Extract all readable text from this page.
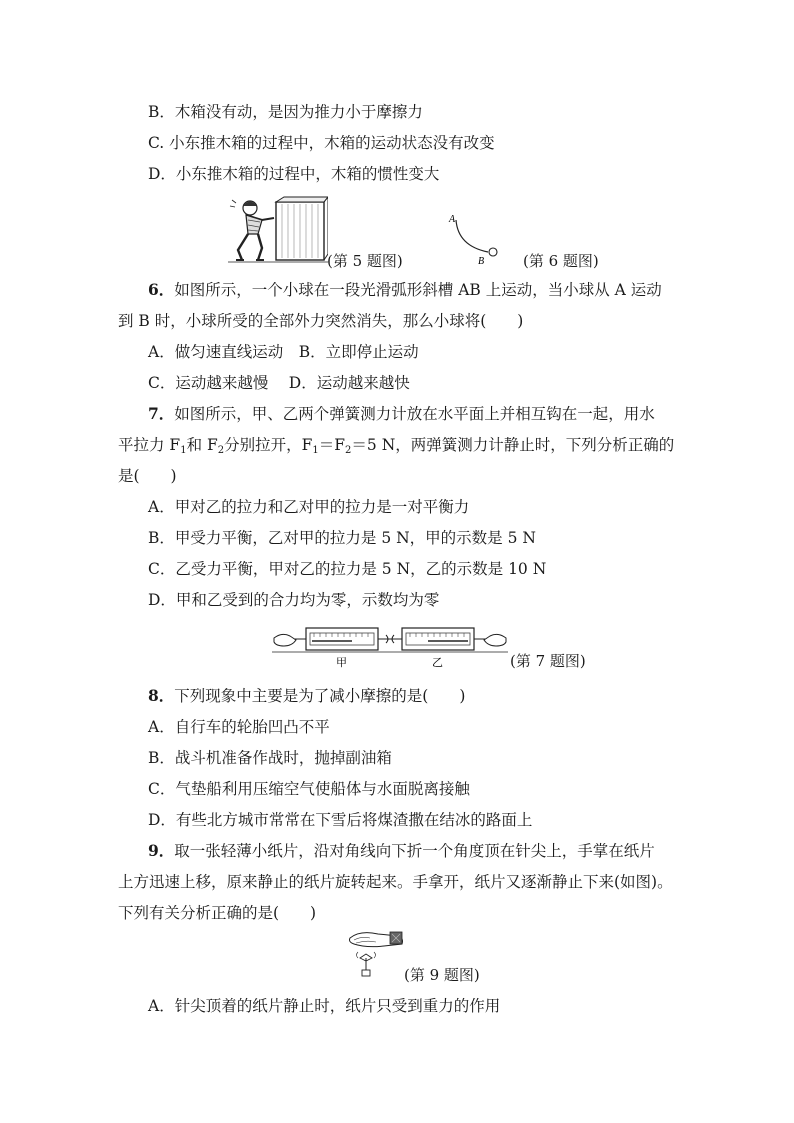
B．木箱没有动，是因为推力小于摩擦力
C. 小东推木箱的过程中，木箱的运动状态没有改变
D．小东推木箱的过程中，木箱的惯性变大
(第 5 题图)
A
B	(第 6 题图)
6．如图所示，一个小球在一段光滑弧形斜槽 AB 上运动，当小球从 A 运动
到 B 时，小球所受的全部外力突然消失，那么小球将(　　)
A．做匀速直线运动　B．立即停止运动
C．运动越来越慢　 D．运动越来越快
7．如图所示，甲、乙两个弹簧测力计放在水平面上并相互钩在一起，用水
平拉力 $F_1$和 $F_2$分别拉开，$F_1=F_2=5$ N，两弹簧测力计静止时，下列分析正确的
是(　　)
A．甲对乙的拉力和乙对甲的拉力是一对平衡力
B．甲受力平衡，乙对甲的拉力是 5 N，甲的示数是 5 N
C．乙受力平衡，甲对乙的拉力是 5 N，乙的示数是 10 N
D．甲和乙受到的合力均为零，示数均为零
甲	乙	(第 7 题图)
8．下列现象中主要是为了减小摩擦的是(　　)
A．自行车的轮胎凹凸不平
B．战斗机准备作战时，抛掉副油箱
C．气垫船利用压缩空气使船体与水面脱离接触
D．有些北方城市常常在下雪后将煤渣撒在结冰的路面上
9．取一张轻薄小纸片，沿对角线向下折一个角度顶在针尖上，手掌在纸片
上方迅速上移，原来静止的纸片旋转起来。手拿开，纸片又逐渐静止下来(如图)。
下列有关分析正确的是(　　)
(第 9 题图)
A．针尖顶着的纸片静止时，纸片只受到重力的作用
